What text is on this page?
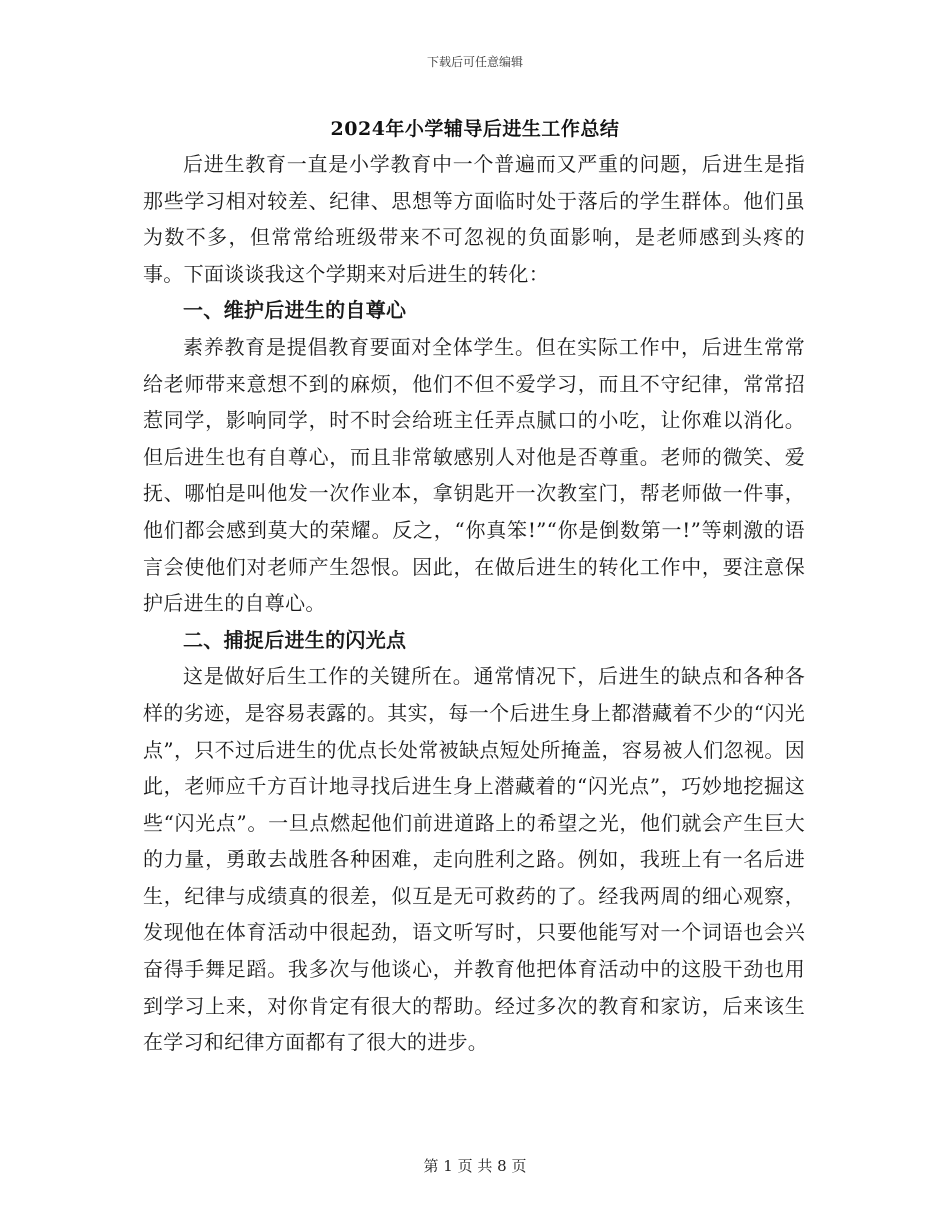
下载后可任意编辑
2024年小学辅导后进生工作总结

后进生教育一直是小学教育中一个普遍而又严重的问题，后进生是指那些学习相对较差、纪律、思想等方面临时处于落后的学生群体。他们虽为数不多，但常常给班级带来不可忽视的负面影响，是老师感到头疼的事。下面谈谈我这个学期来对后进生的转化：

一、维护后进生的自尊心

素养教育是提倡教育要面对全体学生。但在实际工作中，后进生常常给老师带来意想不到的麻烦，他们不但不爱学习，而且不守纪律，常常招惹同学，影响同学，时不时会给班主任弄点腻口的小吃，让你难以消化。但后进生也有自尊心，而且非常敏感别人对他是否尊重。老师的微笑、爱抚、哪怕是叫他发一次作业本，拿钥匙开一次教室门，帮老师做一件事，他们都会感到莫大的荣耀。反之，“你真笨!”“你是倒数第一!”等刺激的语言会使他们对老师产生怨恨。因此，在做后进生的转化工作中，要注意保护后进生的自尊心。

二、捕捉后进生的闪光点

这是做好后生工作的关键所在。通常情况下，后进生的缺点和各种各样的劣迹，是容易表露的。其实，每一个后进生身上都潜藏着不少的“闪光点”，只不过后进生的优点长处常被缺点短处所掩盖，容易被人们忽视。因此，老师应千方百计地寻找后进生身上潜藏着的“闪光点”，巧妙地挖掘这些“闪光点”。一旦点燃起他们前进道路上的希望之光，他们就会产生巨大的力量，勇敢去战胜各种困难，走向胜利之路。例如，我班上有一名后进生，纪律与成绩真的很差，似互是无可救药的了。经我两周的细心观察，发现他在体育活动中很起劲，语文听写时，只要他能写对一个词语也会兴奋得手舞足蹈。我多次与他谈心，并教育他把体育活动中的这股干劲也用到学习上来，对你肯定有很大的帮助。经过多次的教育和家访，后来该生在学习和纪律方面都有了很大的进步。

第 1 页 共 8 页
